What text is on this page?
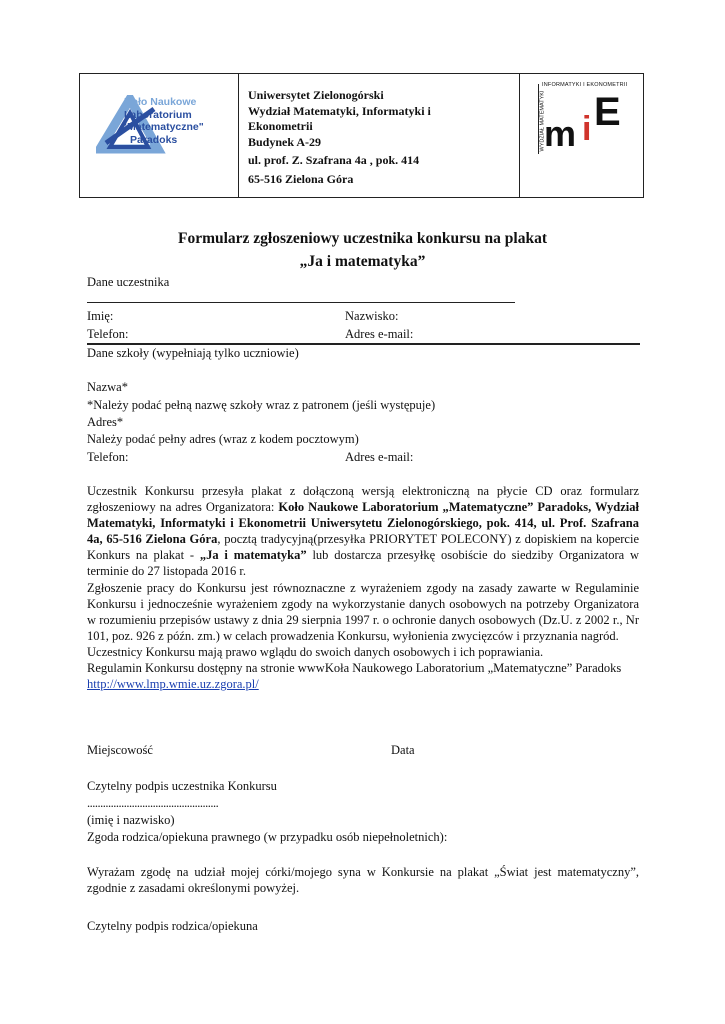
Koło Naukowe
Laboratorium
"Matematyczne"
Paradoks
Uniwersytet Zielonogórski
Wydział Matematyki, Informatyki i
Ekonometrii
Budynek A-29
ul. prof. Z. Szafrana 4a , pok. 414
65-516 Zielona Góra
INFORMATYKI I EKONOMETRII
WYDZIAŁ MATEMATYKI
m i E
Formularz zgłoszeniowy uczestnika konkursu na plakat
„Ja i matematyka”
Dane uczestnika
Imię:	Nazwisko:
Telefon:	Adres e-mail:
Dane szkoły (wypełniają tylko uczniowie)
Nazwa*
*Należy podać pełną nazwę szkoły wraz z patronem (jeśli występuje)
Adres*
Należy podać pełny adres (wraz z kodem pocztowym)
Telefon:	Adres e-mail:

Uczestnik Konkursu przesyła plakat z dołączoną wersją elektroniczną na płycie CD oraz formularz zgłoszeniowy na adres Organizatora: Koło Naukowe Laboratorium „Matematyczne” Paradoks, Wydział Matematyki, Informatyki i Ekonometrii Uniwersytetu Zielonogórskiego, pok. 414, ul. Prof. Szafrana 4a, 65-516 Zielona Góra, pocztą tradycyjną(przesyłka PRIORYTET POLECONY) z dopiskiem na kopercie Konkurs na plakat - „Ja i matematyka” lub dostarcza przesyłkę osobiście do siedziby Organizatora w terminie do 27 listopada 2016 r.

Zgłoszenie pracy do Konkursu jest równoznaczne z wyrażeniem zgody na zasady zawarte w Regulaminie Konkursu i jednocześnie wyrażeniem zgody na wykorzystanie danych osobowych na potrzeby Organizatora w rozumieniu przepisów ustawy z dnia 29 sierpnia 1997 r. o ochronie danych osobowych (Dz.U. z 2002 r., Nr 101, poz. 926 z późn. zm.) w celach prowadzenia Konkursu, wyłonienia zwycięzców i przyznania nagród.

Uczestnicy Konkursu mają prawo wglądu do swoich danych osobowych i ich poprawiania.

Regulamin Konkursu dostępny na stronie wwwKoła Naukowego Laboratorium „Matematyczne” Paradoks http://www.lmp.wmie.uz.zgora.pl/

Miejscowość	Data
Czytelny podpis uczestnika Konkursu
..................................................
(imię i nazwisko)
Zgoda rodzica/opiekuna prawnego (w przypadku osób niepełnoletnich):
Wyrażam zgodę na udział mojej córki/mojego syna w Konkursie na plakat „Świat jest matematyczny”, zgodnie z zasadami określonymi powyżej.
Czytelny podpis rodzica/opiekuna
